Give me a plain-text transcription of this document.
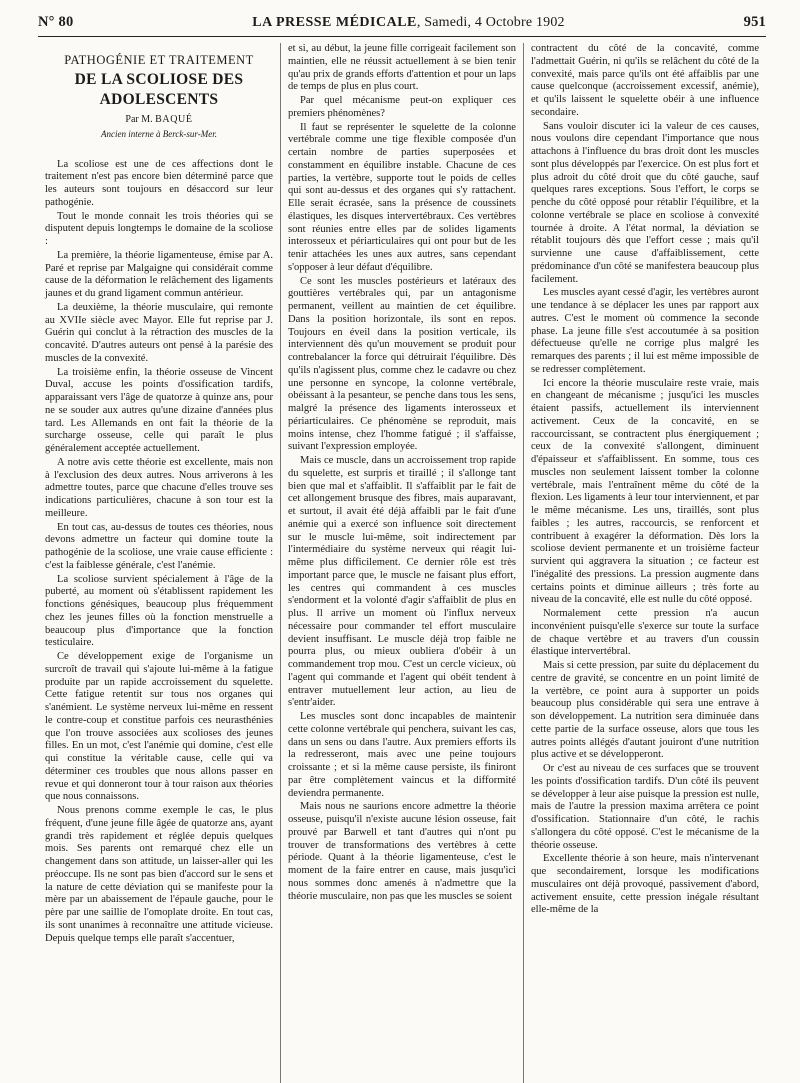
N° 80	LA PRESSE MÉDICALE, Samedi, 4 Octobre 1902	951
PATHOGÉNIE ET TRAITEMENT
DE LA SCOLIOSE DES ADOLESCENTS
Par M. BAQUÉ
Ancien interne à Berck-sur-Mer.

La scoliose est une de ces affections dont le traitement n'est pas encore bien déterminé parce que les auteurs sont toujours en désaccord sur leur pathogénie.

Tout le monde connait les trois théories qui se disputent depuis longtemps le domaine de la scoliose :

La première, la théorie ligamenteuse, émise par A. Paré et reprise par Malgaigne qui considérait comme cause de la déformation le relâchement des ligaments jaunes et du grand ligament commun antérieur.

La deuxième, la théorie musculaire, qui remonte au XVIIe siècle avec Mayor. Elle fut reprise par J. Guérin qui conclut à la rétraction des muscles de la concavité. D'autres auteurs ont pensé à la parésie des muscles de la convexité.

La troisième enfin, la théorie osseuse de Vincent Duval, accuse les points d'ossification tardifs, apparaissant vers l'âge de quatorze à quinze ans, pour ne se souder aux autres qu'une dizaine d'années plus tard. Les Allemands en ont fait la théorie de la surcharge osseuse, celle qui paraît le plus généralement acceptée actuellement.

A notre avis cette théorie est excellente, mais non à l'exclusion des deux autres. Nous arriverons à les admettre toutes, parce que chacune d'elles trouve ses indications particulières, chacune à son tour est la meilleure.

En tout cas, au-dessus de toutes ces théories, nous devons admettre un facteur qui domine toute la pathogénie de la scoliose, une vraie cause efficiente : c'est la faiblesse générale, c'est l'anémie.

La scoliose survient spécialement à l'âge de la puberté, au moment où s'établissent rapidement les fonctions génésiques, beaucoup plus fréquemment chez les jeunes filles où la fonction menstruelle a beaucoup plus d'importance que la fonction testiculaire.

Ce développement exige de l'organisme un surcroît de travail qui s'ajoute lui-même à la fatigue produite par un rapide accroissement du squelette. Cette fatigue retentit sur tous nos organes qui s'anémient. Le système nerveux lui-même en ressent le contre-coup et constitue parfois ces neurasthénies que l'on trouve associées aux scolioses des jeunes filles. En un mot, c'est l'anémie qui domine, c'est elle qui constitue la véritable cause, celle qui va déterminer ces troubles que nous allons passer en revue et qui donneront tour à tour raison aux théories que nous connaissons.

Nous prenons comme exemple le cas, le plus fréquent, d'une jeune fille âgée de quatorze ans, ayant grandi très rapidement et réglée depuis quelques mois. Ses parents ont remarqué chez elle un changement dans son attitude, un laisser-aller qui les préoccupe. Ils ne sont pas bien d'accord sur le sens et la nature de cette déviation qui se manifeste pour la mère par un abaissement de l'épaule gauche, pour le père par une saillie de l'omoplate droite. En tout cas, ils sont unanimes à reconnaître une attitude vicieuse. Depuis quelque temps elle paraît s'accentuer,

et si, au début, la jeune fille corrigeait facilement son maintien, elle ne réussit actuellement à se bien tenir qu'au prix de grands efforts d'attention et pour un laps de temps de plus en plus court.

Par quel mécanisme peut-on expliquer ces premiers phénomènes?

Il faut se représenter le squelette de la colonne vertébrale comme une tige flexible composée d'un certain nombre de parties superposées et constamment en équilibre instable. Chacune de ces parties, la vertèbre, supporte tout le poids de celles qui sont au-dessus et des organes qui s'y rattachent. Elle serait écrasée, sans la présence de coussinets élastiques, les disques intervertébraux. Ces vertèbres sont réunies entre elles par de solides ligaments interosseux et périarticulaires qui ont pour but de les tenir attachées les unes aux autres, sans cependant s'opposer à leur défaut d'équilibre.

Ce sont les muscles postérieurs et latéraux des gouttières vertébrales qui, par un antagonisme permanent, veillent au maintien de cet équilibre. Dans la position horizontale, ils sont en repos. Toujours en éveil dans la position verticale, ils interviennent dès qu'un mouvement se produit pour contrebalancer la force qui détruirait l'équilibre. Dès qu'ils n'agissent plus, comme chez le cadavre ou chez une personne en syncope, la colonne vertébrale, obéissant à la pesanteur, se penche dans tous les sens, malgré la présence des ligaments interosseux et périarticulaires. Ce phénomène se reproduit, mais moins intense, chez l'homme fatigué ; il s'affaisse, suivant l'expression employée.

Mais ce muscle, dans un accroissement trop rapide du squelette, est surpris et tiraillé ; il s'allonge tant bien que mal et s'affaiblit. Il s'affaiblit par le fait de cet allongement brusque des fibres, mais auparavant, et surtout, il avait été déjà affaibli par le fait d'une anémie qui a exercé son influence soit directement sur le muscle lui-même, soit indirectement par l'intermédiaire du système nerveux qui réagit lui-même plus difficilement. Ce dernier rôle est très important parce que, le muscle ne faisant plus effort, les centres qui commandent à ces muscles s'endorment et la volonté d'agir s'affaiblit de plus en plus. Il arrive un moment où l'influx nerveux nécessaire pour commander tel effort musculaire devient insuffisant. Le muscle déjà trop faible ne pourra plus, ou mieux oubliera d'obéir à un commandement trop mou. C'est un cercle vicieux, où l'agent qui commande et l'agent qui obéit tendent à entraver mutuellement leur action, au lieu de s'entr'aider.

Les muscles sont donc incapables de maintenir cette colonne vertébrale qui penchera, suivant les cas, dans un sens ou dans l'autre. Aux premiers efforts ils la redresseront, mais avec une peine toujours croissante ; et si la même cause persiste, ils finiront par être complètement vaincus et la difformité deviendra permanente.

Mais nous ne saurions encore admettre la théorie osseuse, puisqu'il n'existe aucune lésion osseuse, fait prouvé par Barwell et tant d'autres qui n'ont pu trouver de transformations des vertèbres à cette période. Quant à la théorie ligamenteuse, c'est le moment de la faire entrer en cause, mais jusqu'ici nous sommes donc amenés à n'admettre que la théorie musculaire, non pas que les muscles se soient

contractent du côté de la concavité, comme l'admettait Guérin, ni qu'ils se relâchent du côté de la convexité, mais parce qu'ils ont été affaiblis par une cause quelconque (accroissement excessif, anémie), et qu'ils laissent le squelette obéir à une influence secondaire.

Sans vouloir discuter ici la valeur de ces causes, nous voulons dire cependant l'importance que nous attachons à l'influence du bras droit dont les muscles sont plus développés par l'exercice. On est plus fort et plus adroit du côté droit que du côté gauche, sauf quelques rares exceptions. Sous l'effort, le corps se penche du côté opposé pour rétablir l'équilibre, et la colonne vertébrale se place en scoliose à convexité tournée à droite. A l'état normal, la déviation se rétablit toujours dès que l'effort cesse ; mais qu'il survienne une cause d'affaiblissement, cette prédominance d'un côté se manifestera beaucoup plus facilement.

Les muscles ayant cessé d'agir, les vertèbres auront une tendance à se déplacer les unes par rapport aux autres. C'est le moment où commence la seconde phase. La jeune fille s'est accoutumée à sa position défectueuse qu'elle ne corrige plus malgré les remarques des parents ; il lui est même impossible de se redresser complètement.

Ici encore la théorie musculaire reste vraie, mais en changeant de mécanisme ; jusqu'ici les muscles étaient passifs, actuellement ils interviennent activement. Ceux de la concavité, en se raccourcissant, se contractent plus énergiquement ; ceux de la convexité s'allongent, diminuent d'épaisseur et s'affaiblissent. En somme, tous ces muscles non seulement laissent tomber la colonne vertébrale, mais l'entraînent même du côté de la flexion. Les ligaments à leur tour interviennent, et par le même mécanisme. Les uns, tiraillés, sont plus faibles ; les autres, raccourcis, se renforcent et contribuent à exagérer la déformation. Dès lors la scoliose devient permanente et un troisième facteur survient qui aggravera la situation ; ce facteur est l'inégalité des pressions. La pression augmente dans certains points et diminue ailleurs ; très forte au niveau de la concavité, elle est nulle du côté opposé.

Normalement cette pression n'a aucun inconvénient puisqu'elle s'exerce sur toute la surface de chaque vertèbre et au travers d'un coussin élastique intervertébral.

Mais si cette pression, par suite du déplacement du centre de gravité, se concentre en un point limité de la vertèbre, ce point aura à supporter un poids beaucoup plus considérable qui sera une entrave à son développement. La nutrition sera diminuée dans cette partie de la surface osseuse, alors que tous les autres points allégés d'autant jouiront d'une nutrition plus active et se développeront.

Or c'est au niveau de ces surfaces que se trouvent les points d'ossification tardifs. D'un côté ils peuvent se développer à leur aise puisque la pression est nulle, mais de l'autre la pression maxima arrêtera ce point d'ossification. Stationnaire d'un côté, le rachis s'allongera du côté opposé. C'est le mécanisme de la théorie osseuse.

Excellente théorie à son heure, mais n'intervenant que secondairement, lorsque les modifications musculaires ont déjà provoqué, passivement d'abord, activement ensuite, cette pression inégale résultant elle-même de la
